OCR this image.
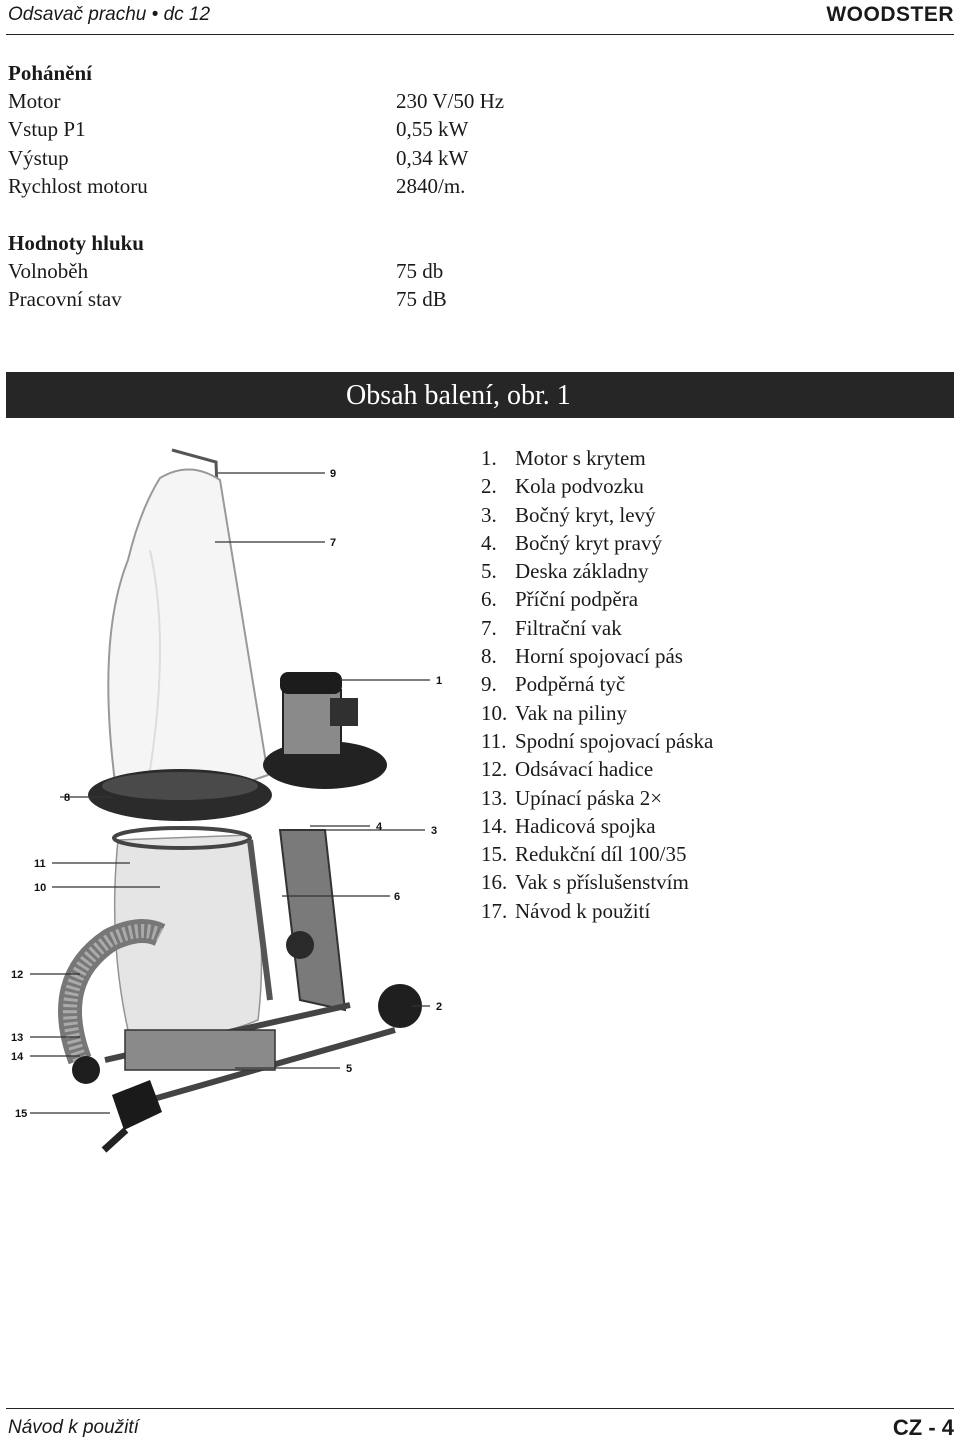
Odsavač prachu • dc 12	WOODSTER
Pohánění
Motor	230 V/50 Hz
Vstup P1	0,55 kW
Výstup	0,34 kW
Rychlost motoru	2840/m.
Hodnoty hluku
Volnoběh	75 db
Pracovní stav	75 dB
Obsah balení, obr. 1
9
7
1
8
4	3
11
10
6
12
2
13
14
5
15
1. Motor s krytem
2. Kola podvozku
3. Bočný kryt, levý
4. Bočný kryt pravý
5. Deska základny
6. Příční podpěra
7. Filtrační vak
8. Horní spojovací pás
9. Podpěrná tyč
10. Vak na piliny
11. Spodní spojovací páska
12. Odsávací hadice
13. Upínací páska 2×
14. Hadicová spojka
15. Redukční díl 100/35
16. Vak s příslušenstvím
17. Návod k použití
Návod k použití	CZ - 4
